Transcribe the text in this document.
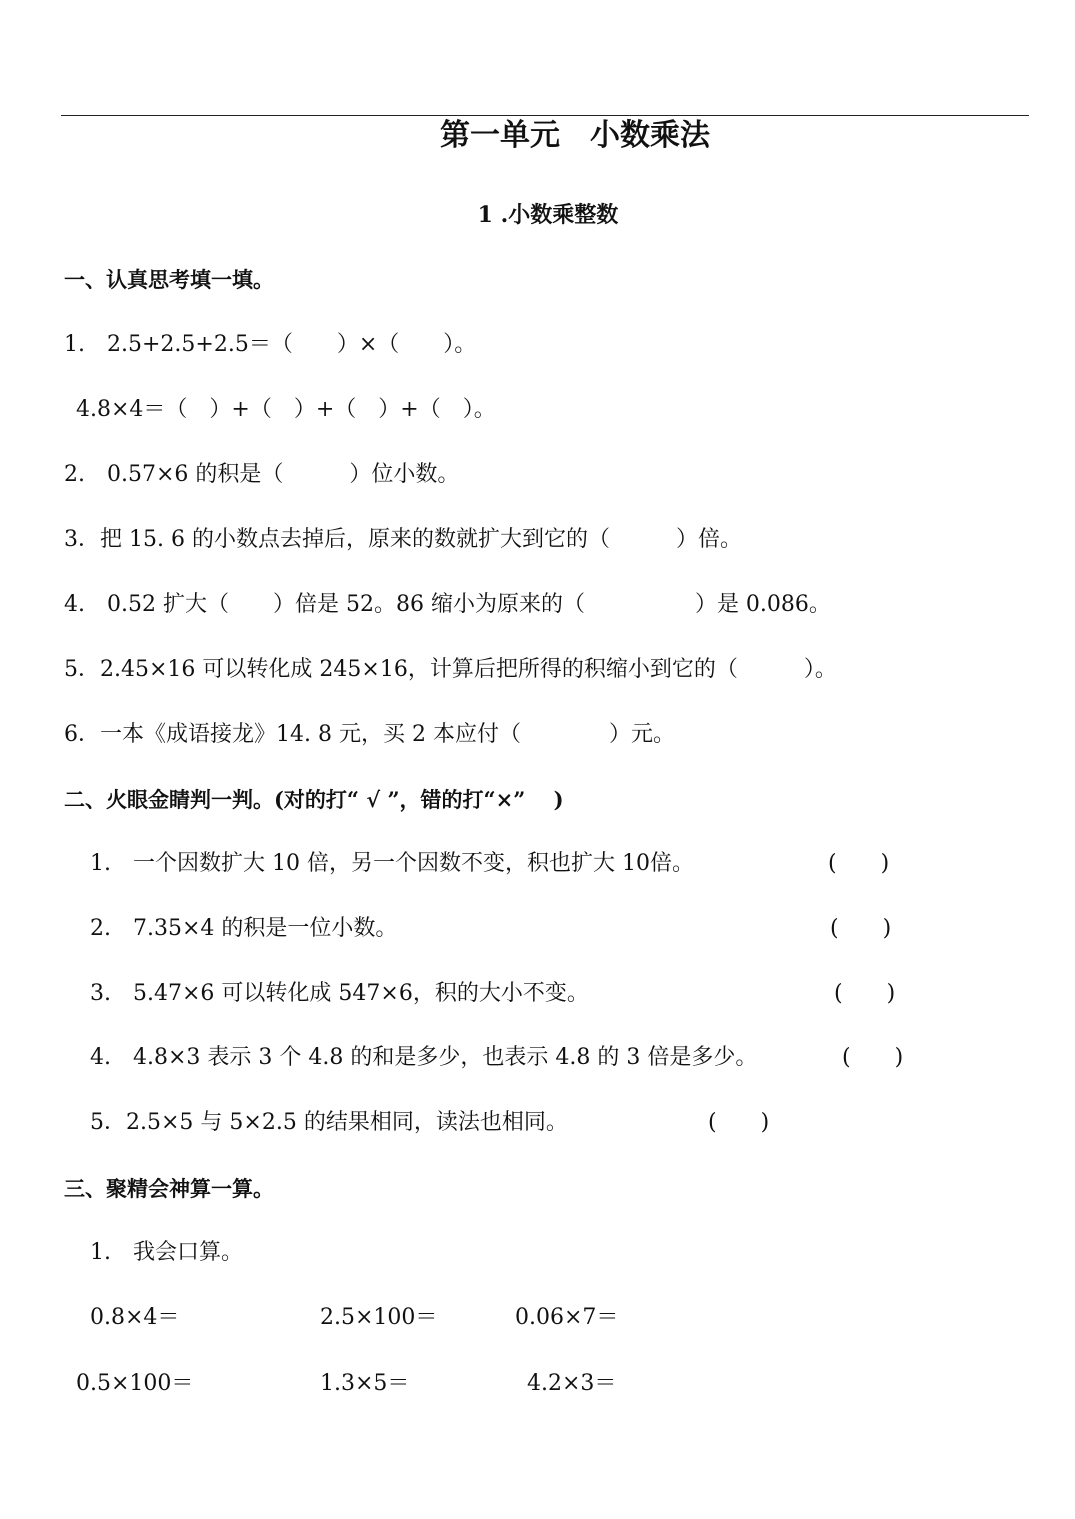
第一单元　小数乘法
1 .小数乘整数
一、认真思考填一填。
1.　2.5+2.5+2.5＝（　　）×（　　）。
4.8×4＝（　）+（　）+（　）+（　）。
2.　0.57×6 的积是（　　　）位小数。
3．把 15. 6 的小数点去掉后，原来的数就扩大到它的（　　　）倍。
4.　0.52 扩大（　　）倍是 52。86 缩小为原来的（　　　　　）是 0.086。
5．2.45×16 可以转化成 245×16，计算后把所得的积缩小到它的（　　　）。
6．一本《成语接龙》14. 8 元，买 2 本应付（　　　　）元。
二、火眼金睛判一判。(对的打“ √ ”，错的打“×”　 )
1.　一个因数扩大 10 倍，另一个因数不变，积也扩大 10倍。	(　　)
2.　7.35×4 的积是一位小数。	(　　)
3.　5.47×6 可以转化成 547×6，积的大小不变。	(　　)
4.　4.8×3 表示 3 个 4.8 的和是多少，也表示 4.8 的 3 倍是多少。	(　　)
5．2.5×5 与 5×2.5 的结果相同，读法也相同。	(　　)
三、聚精会神算一算。
1.　我会口算。
0.8×4＝	2.5×100＝	0.06×7＝
0.5×100＝	1.3×5＝	4.2×3＝
